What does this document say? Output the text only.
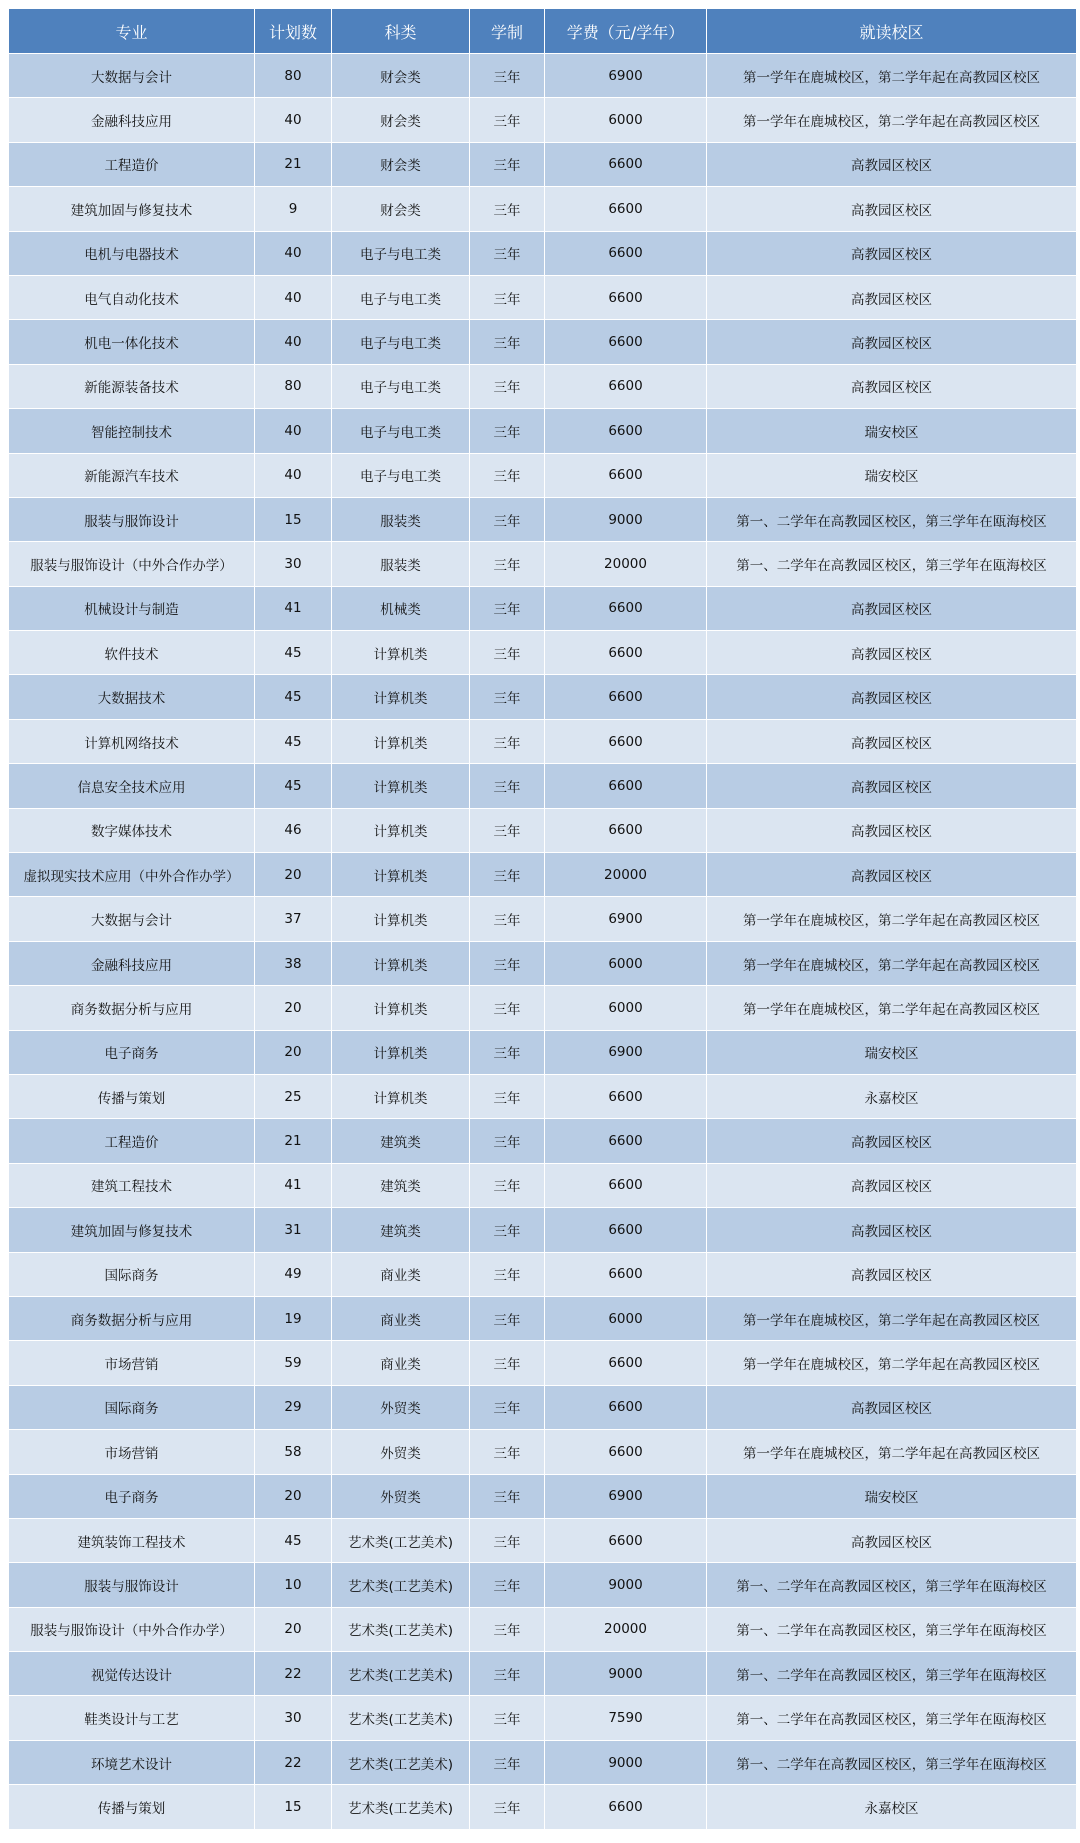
专业	计划数	科类	学制	学费（元/学年）	就读校区
大数据与会计	80	财会类	三年	6900	第一学年在鹿城校区，第二学年起在高教园区校区
金融科技应用	40	财会类	三年	6000	第一学年在鹿城校区，第二学年起在高教园区校区
工程造价	21	财会类	三年	6600	高教园区校区
建筑加固与修复技术	9	财会类	三年	6600	高教园区校区
电机与电器技术	40	电子与电工类	三年	6600	高教园区校区
电气自动化技术	40	电子与电工类	三年	6600	高教园区校区
机电一体化技术	40	电子与电工类	三年	6600	高教园区校区
新能源装备技术	80	电子与电工类	三年	6600	高教园区校区
智能控制技术	40	电子与电工类	三年	6600	瑞安校区
新能源汽车技术	40	电子与电工类	三年	6600	瑞安校区
服装与服饰设计	15	服装类	三年	9000	第一、二学年在高教园区校区，第三学年在瓯海校区
服装与服饰设计（中外合作办学）	30	服装类	三年	20000	第一、二学年在高教园区校区，第三学年在瓯海校区
机械设计与制造	41	机械类	三年	6600	高教园区校区
软件技术	45	计算机类	三年	6600	高教园区校区
大数据技术	45	计算机类	三年	6600	高教园区校区
计算机网络技术	45	计算机类	三年	6600	高教园区校区
信息安全技术应用	45	计算机类	三年	6600	高教园区校区
数字媒体技术	46	计算机类	三年	6600	高教园区校区
虚拟现实技术应用（中外合作办学）	20	计算机类	三年	20000	高教园区校区
大数据与会计	37	计算机类	三年	6900	第一学年在鹿城校区，第二学年起在高教园区校区
金融科技应用	38	计算机类	三年	6000	第一学年在鹿城校区，第二学年起在高教园区校区
商务数据分析与应用	20	计算机类	三年	6000	第一学年在鹿城校区，第二学年起在高教园区校区
电子商务	20	计算机类	三年	6900	瑞安校区
传播与策划	25	计算机类	三年	6600	永嘉校区
工程造价	21	建筑类	三年	6600	高教园区校区
建筑工程技术	41	建筑类	三年	6600	高教园区校区
建筑加固与修复技术	31	建筑类	三年	6600	高教园区校区
国际商务	49	商业类	三年	6600	高教园区校区
商务数据分析与应用	19	商业类	三年	6000	第一学年在鹿城校区，第二学年起在高教园区校区
市场营销	59	商业类	三年	6600	第一学年在鹿城校区，第二学年起在高教园区校区
国际商务	29	外贸类	三年	6600	高教园区校区
市场营销	58	外贸类	三年	6600	第一学年在鹿城校区，第二学年起在高教园区校区
电子商务	20	外贸类	三年	6900	瑞安校区
建筑装饰工程技术	45	艺术类(工艺美术)	三年	6600	高教园区校区
服装与服饰设计	10	艺术类(工艺美术)	三年	9000	第一、二学年在高教园区校区，第三学年在瓯海校区
服装与服饰设计（中外合作办学）	20	艺术类(工艺美术)	三年	20000	第一、二学年在高教园区校区，第三学年在瓯海校区
视觉传达设计	22	艺术类(工艺美术)	三年	9000	第一、二学年在高教园区校区，第三学年在瓯海校区
鞋类设计与工艺	30	艺术类(工艺美术)	三年	7590	第一、二学年在高教园区校区，第三学年在瓯海校区
环境艺术设计	22	艺术类(工艺美术)	三年	9000	第一、二学年在高教园区校区，第三学年在瓯海校区
传播与策划	15	艺术类(工艺美术)	三年	6600	永嘉校区
